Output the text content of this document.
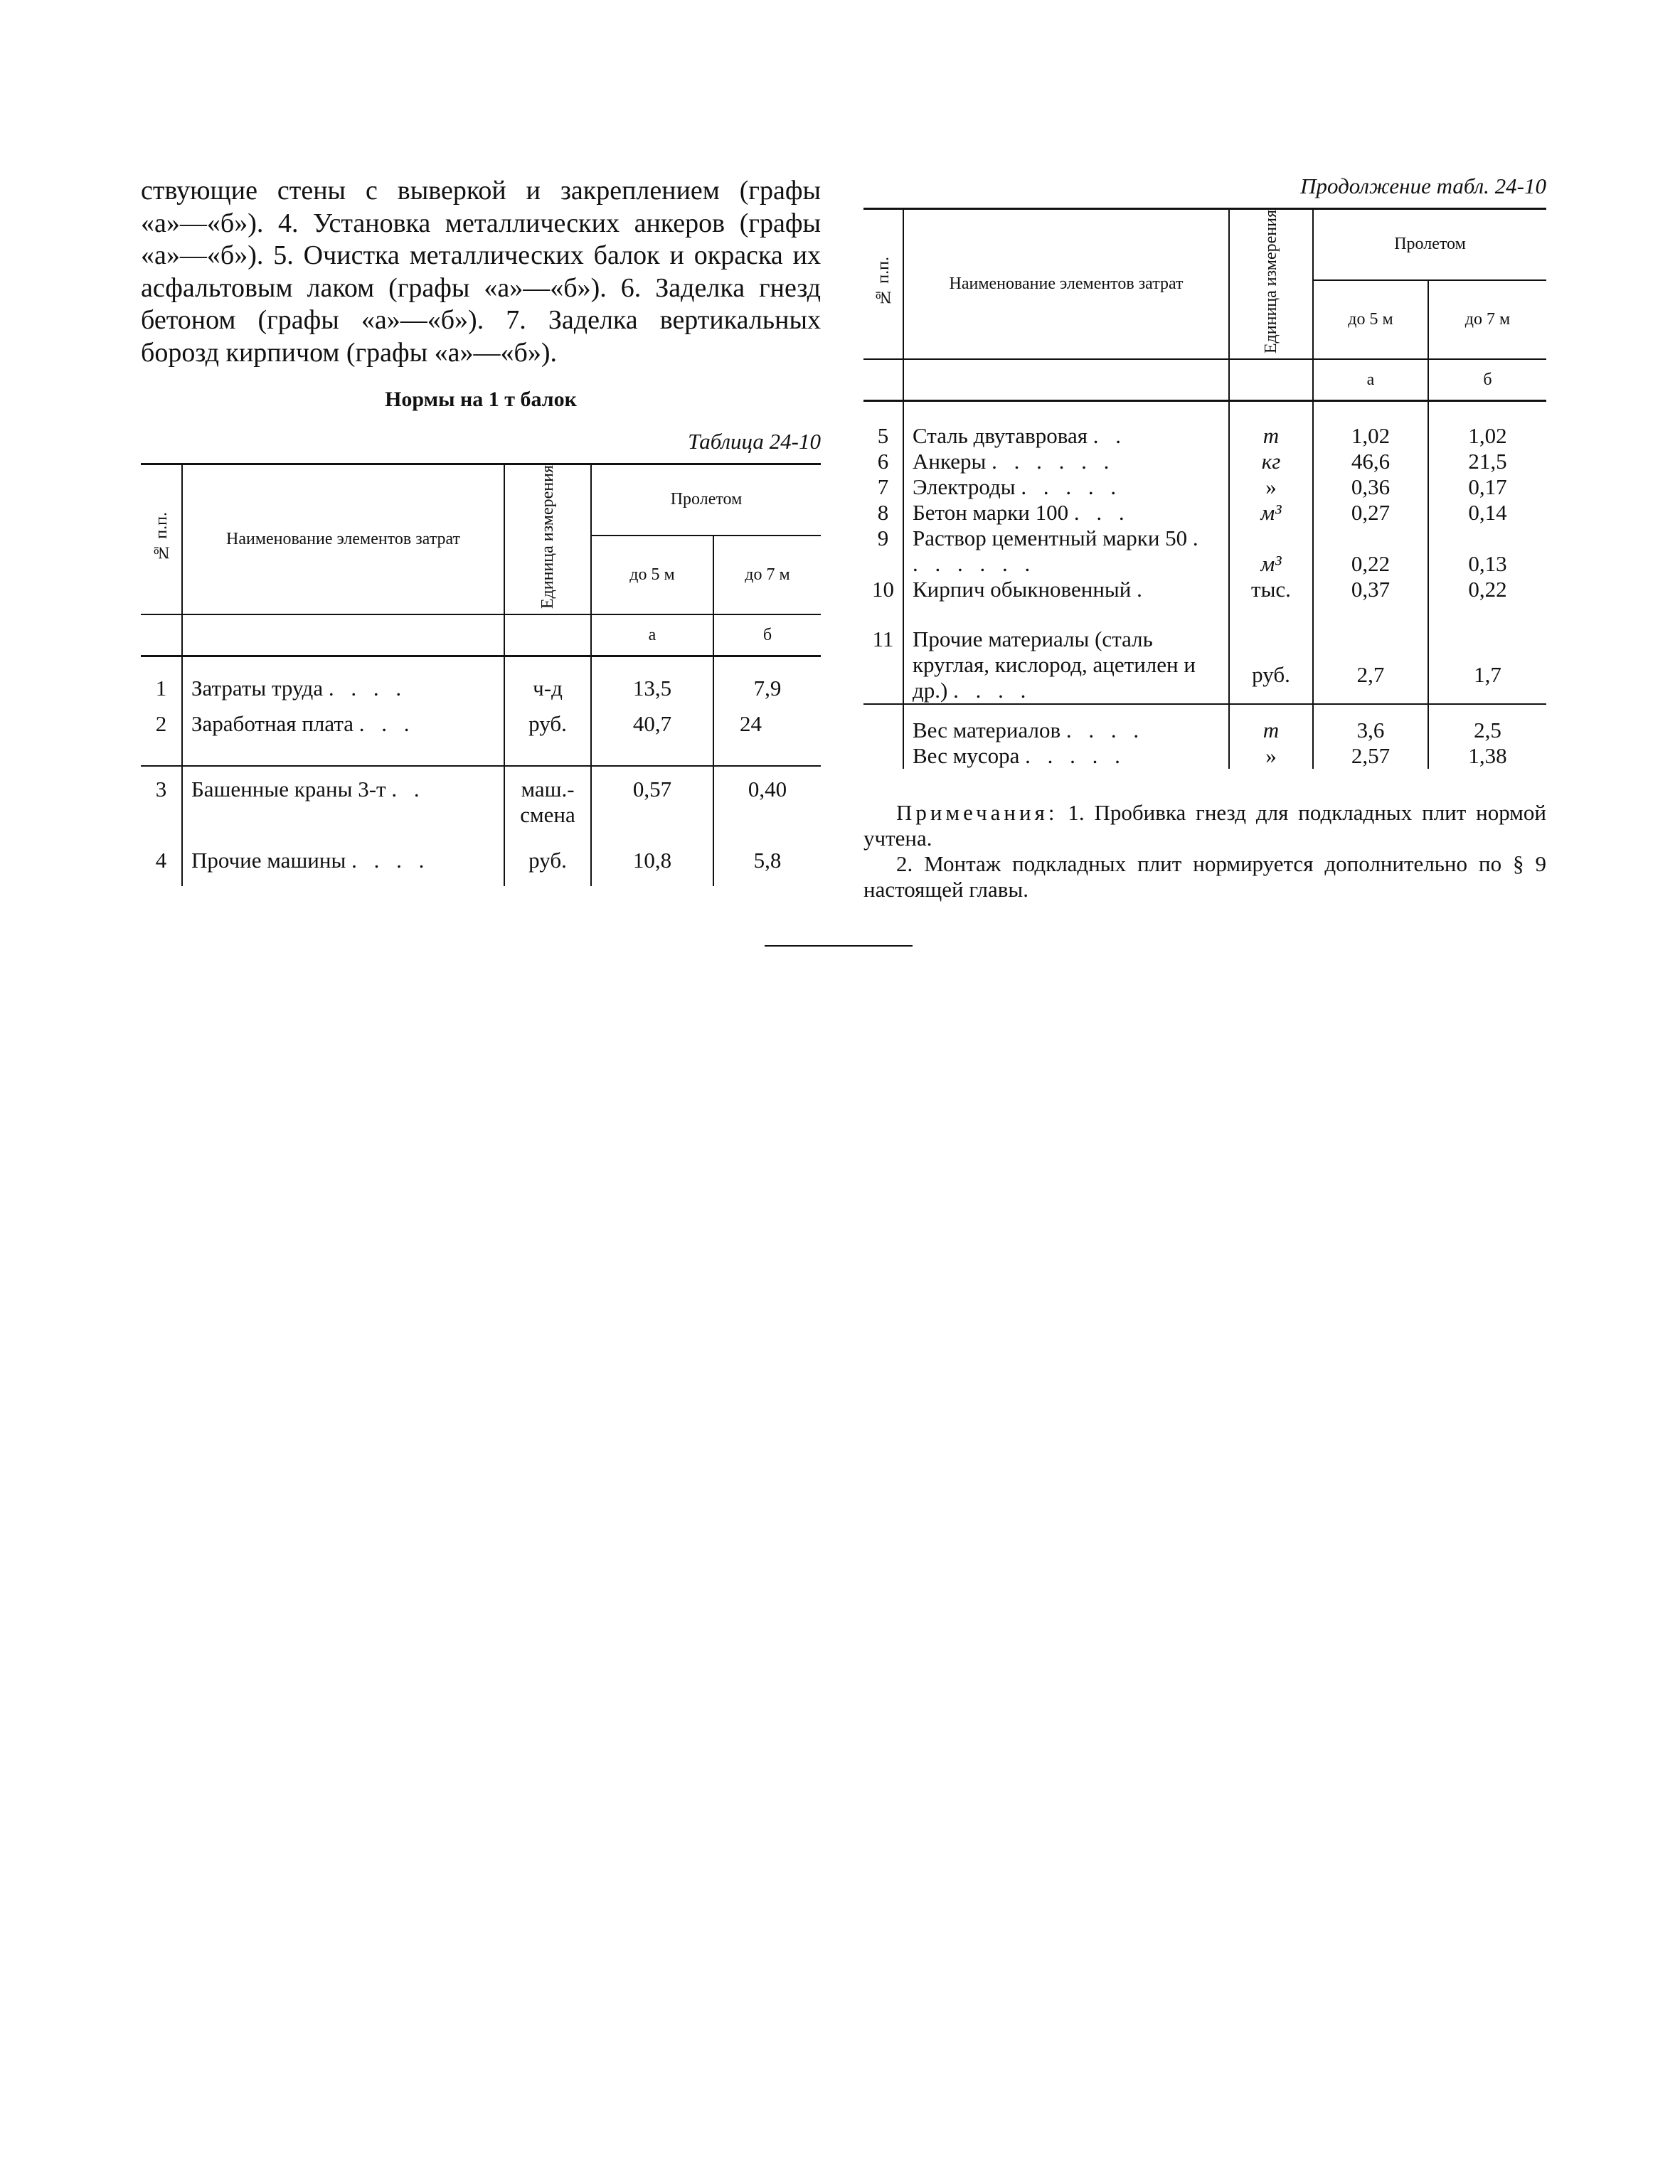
ствующие стены с выверкой и закреплением (графы «а»—«б»). 4. Установка металлических анкеров (графы «а»—«б»). 5. Очистка металлических балок и окраска их асфальтовым лаком (графы «а»—«б»). 6. Заделка гнезд бетоном (графы «а»—«б»). 7. Заделка вертикальных борозд кирпичом (графы «а»—«б»).

Нормы на 1 т балок
Таблица 24-10
№ п.п.	Наименование элементов затрат	Единица измерения	Пролетом	
			до 5 м	до 7 м
			а	б

1	Затраты труда . . . .	ч-д	13,5	7,9
2	Заработная плата . . .	руб.	40,7	24

3	Башенные краны 3-т . .	маш.-смена	0,57	0,40
4	Прочие машины . . . .	руб.	10,8	5,8
Продолжение табл. 24-10
№ п.п.	Наименование элементов затрат	Единица измерения	Пролетом	
			до 5 м	до 7 м
			а	б

5	Сталь двутавровая . .	т	1,02	1,02
6	Анкеры . . . . . .	кг	46,6	21,5
7	Электроды . . . . .	»	0,36	0,17
8	Бетон марки 100 . . .	м³	0,27	0,14
9	Раствор цементный марки 50 . . . . . . .	м³	0,22	0,13
10	Кирпич обыкновенный .	тыс.	0,37	0,22
11	Прочие материалы (сталь круглая, кислород, ацетилен и др.) . . . .	руб.	2,7	1,7
	Вес материалов . . . .	т	3,6	2,5
	Вес мусора . . . . .	»	2,57	1,38

Примечания: 1. Пробивка гнезд для подкладных плит нормой учтена.

2. Монтаж подкладных плит нормируется дополнительно по § 9 настоящей главы.
